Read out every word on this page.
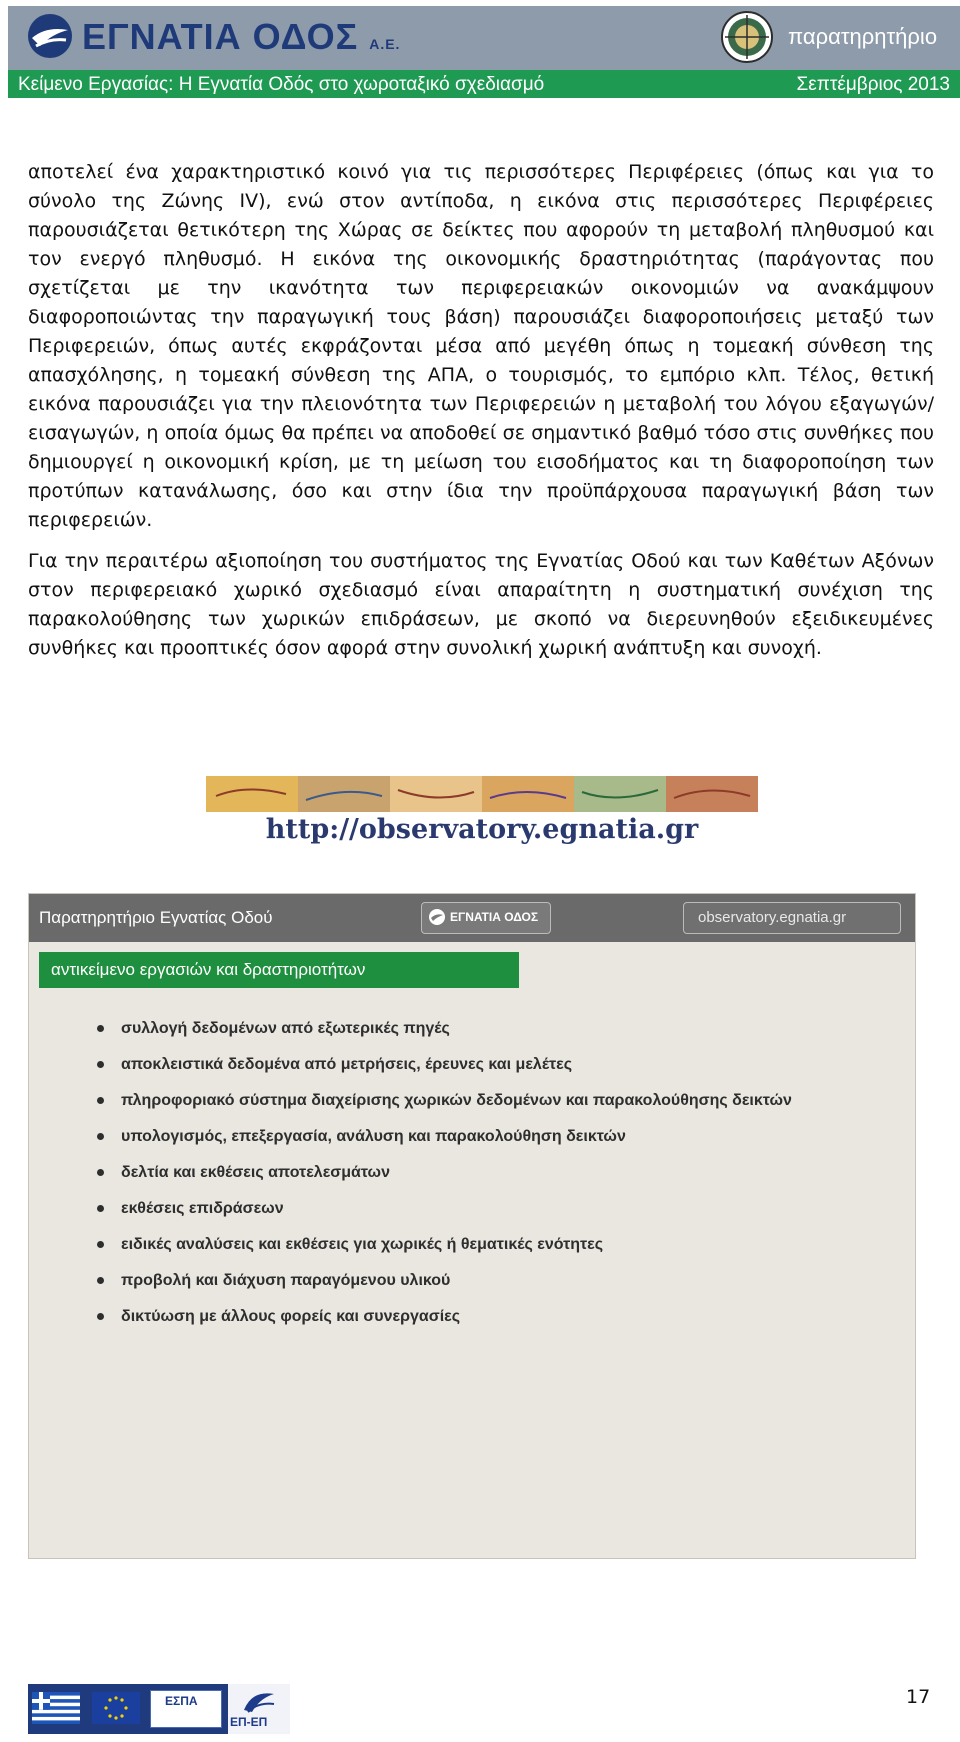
ΕΓΝΑΤΙΑ ΟΔΟΣ Α.Ε.	παρατηρητήριο
Κείμενο Εργασίας: Η Εγνατία Οδός στο χωροταξικό σχεδιασμό	Σεπτέμβριος 2013

αποτελεί ένα χαρακτηριστικό κοινό για τις περισσότερες Περιφέρειες (όπως και για το σύνολο της Ζώνης IV), ενώ στον αντίποδα, η εικόνα στις περισσότερες Περιφέρειες παρουσιάζεται θετικότερη της Χώρας σε δείκτες που αφορούν τη μεταβολή πληθυσμού και τον ενεργό πληθυσμό. Η εικόνα της οικονομικής δραστηριότητας (παράγοντας που σχετίζεται με την ικανότητα των περιφερειακών οικονομιών να ανακάμψουν διαφοροποιώντας την παραγωγική τους βάση) παρουσιάζει διαφοροποιήσεις μεταξύ των Περιφερειών, όπως αυτές εκφράζονται μέσα από μεγέθη όπως η τομεακή σύνθεση της απασχόλησης, η τομεακή σύνθεση της ΑΠΑ, ο τουρισμός, το εμπόριο κλπ. Τέλος, θετική εικόνα παρουσιάζει για την πλειονότητα των Περιφερειών η μεταβολή του λόγου εξαγωγών/εισαγωγών, η οποία όμως θα πρέπει να αποδοθεί σε σημαντικό βαθμό τόσο στις συνθήκες που δημιουργεί η οικονομική κρίση, με τη μείωση του εισοδήματος και τη διαφοροποίηση των προτύπων κατανάλωσης, όσο και στην ίδια την προϋπάρχουσα παραγωγική βάση των περιφερειών.

Για την περαιτέρω αξιοποίηση του συστήματος της Εγνατίας Οδού και των Καθέτων Αξόνων στον περιφερειακό χωρικό σχεδιασμό είναι απαραίτητη η συστηματική συνέχιση της παρακολούθησης των χωρικών επιδράσεων, με σκοπό να διερευνηθούν εξειδικευμένες συνθήκες και προοπτικές όσον αφορά στην συνολική χωρική ανάπτυξη και συνοχή.

http://observatory.egnatia.gr
Παρατηρητήριο Εγνατίας Οδού	ΕΓΝΑΤΙΑ ΟΔΟΣ	observatory.egnatia.gr
αντικείμενο εργασιών και δραστηριοτήτων
συλλογή δεδομένων από εξωτερικές πηγές
αποκλειστικά δεδομένα από μετρήσεις, έρευνες και μελέτες
πληροφοριακό σύστημα διαχείρισης χωρικών δεδομένων και παρακολούθησης δεικτών
υπολογισμός, επεξεργασία, ανάλυση και παρακολούθηση δεικτών
δελτία και εκθέσεις αποτελεσμάτων
εκθέσεις επιδράσεων
ειδικές αναλύσεις και εκθέσεις για χωρικές ή θεματικές ενότητες
προβολή και διάχυση παραγόμενου υλικού
δικτύωση με άλλους φορείς και συνεργασίες
ΕΣΠΑ
ΕΠ-ΕΠ
17
